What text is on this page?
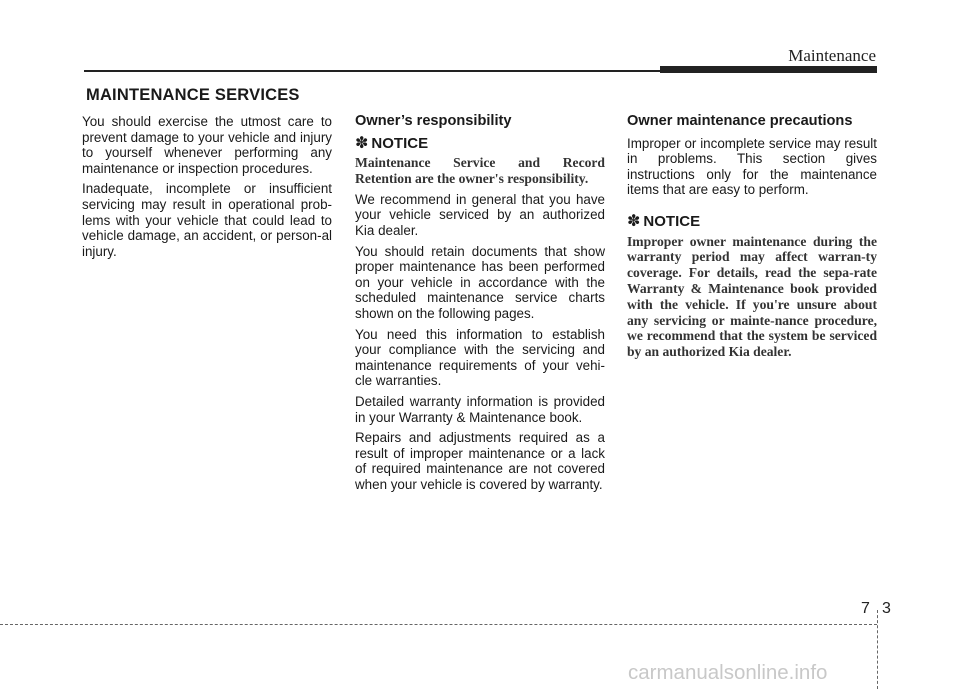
Maintenance
MAINTENANCE SERVICES

You should exercise the utmost care to prevent damage to your vehicle and injury to yourself whenever performing any maintenance or inspection procedures.

Inadequate, incomplete or insufficient servicing may result in operational prob-lems with your vehicle that could lead to vehicle damage, an accident, or person-al injury.

Owner’s responsibility
✽ NOTICE

Maintenance Service and Record Retention are the owner's responsibility.

We recommend in general that you have your vehicle serviced by an authorized Kia dealer.

You should retain documents that show proper maintenance has been performed on your vehicle in accordance with the scheduled maintenance service charts shown on the following pages.

You need this information to establish your compliance with the servicing and maintenance requirements of your vehi-cle warranties.

Detailed warranty information is provided in your Warranty & Maintenance book.

Repairs and adjustments required as a result of improper maintenance or a lack of required maintenance are not covered when your vehicle is covered by warranty.

Owner maintenance precautions

Improper or incomplete service may result in problems. This section gives instructions only for the maintenance items that are easy to perform.

✽ NOTICE

Improper owner maintenance during the warranty period may affect warran-ty coverage. For details, read the sepa-rate Warranty & Maintenance book provided with the vehicle. If you're unsure about any servicing or mainte-nance procedure, we recommend that the system be serviced by an authorized Kia dealer.

7 3
carmanualsonline.info
